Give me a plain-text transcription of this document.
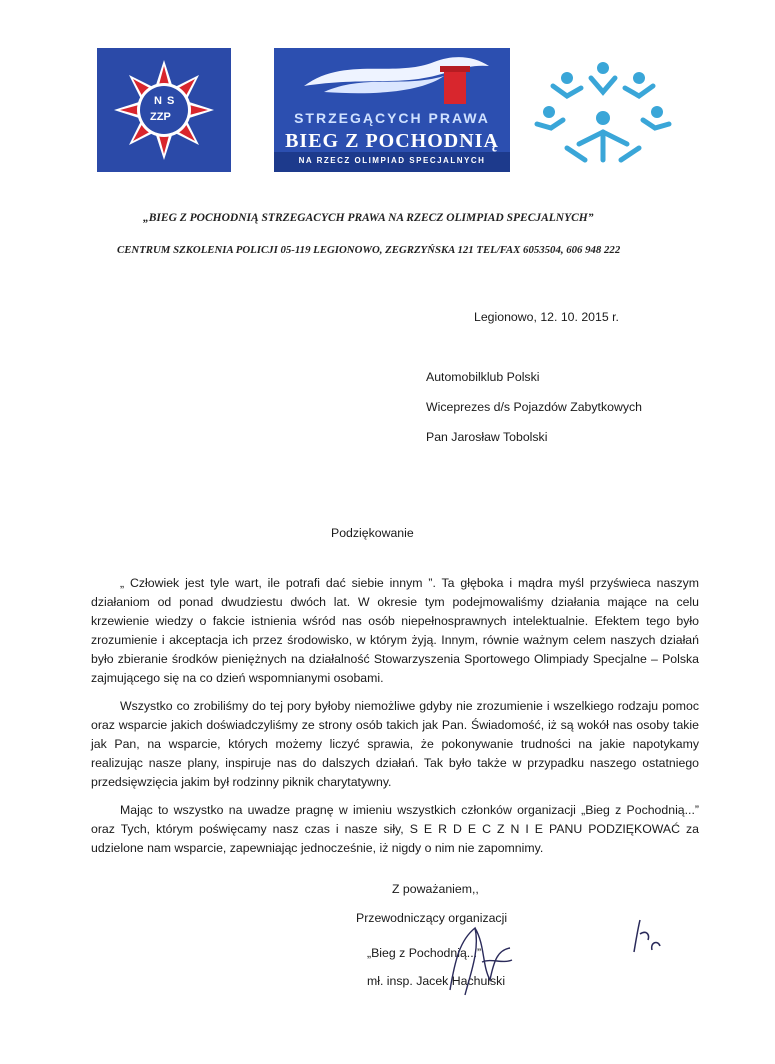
N S
ZZP	STRZEGĄCYCH PRAWA
BIEG Z POCHODNIĄ
NA RZECZ OLIMPIAD SPECJALNYCH
„BIEG Z POCHODNIĄ STRZEGACYCH PRAWA NA RZECZ OLIMPIAD SPECJALNYCH”
CENTRUM SZKOLENIA POLICJI 05-119 LEGIONOWO, ZEGRZYŃSKA 121 TEL/FAX 6053504, 606 948 222
Legionowo, 12. 10. 2015 r.
Automobilklub Polski
Wiceprezes d/s Pojazdów Zabytkowych
Pan Jarosław Tobolski
Podziękowanie
„ Człowiek jest tyle wart, ile potrafi dać siebie innym ”. Ta głęboka i mądra myśl przyświeca naszym działaniom od ponad dwudziestu dwóch lat. W okresie tym podejmowaliśmy działania mające na celu krzewienie wiedzy o fakcie istnienia wśród nas osób niepełnosprawnych intelektualnie. Efektem tego było zrozumienie i akceptacja ich przez środowisko, w którym żyją. Innym, równie ważnym celem naszych działań było zbieranie środków pieniężnych na działalność Stowarzyszenia Sportowego Olimpiady Specjalne – Polska zajmującego się na co dzień wspomnianymi osobami.
Wszystko co zrobiliśmy do tej pory byłoby niemożliwe gdyby nie zrozumienie i wszelkiego rodzaju pomoc oraz wsparcie jakich doświadczyliśmy ze strony osób takich jak Pan. Świadomość, iż są wokół nas osoby takie jak Pan, na wsparcie, których możemy liczyć sprawia, że pokonywanie trudności na jakie napotykamy realizując nasze plany, inspiruje nas do dalszych działań. Tak było także w przypadku naszego ostatniego przedsięwzięcia jakim był rodzinny piknik charytatywny.
Mając to wszystko na uwadze pragnę w imieniu wszystkich członków organizacji „Bieg z Pochodnią...” oraz Tych, którym poświęcamy nasz czas i nasze siły, S E R D E C Z N I E PANU PODZIĘKOWAĆ za udzielone nam wsparcie, zapewniając jednocześnie, iż nigdy o nim nie zapomnimy.
Z poważaniem,,
Przewodniczący organizacji
„Bieg z Pochodnią...”
mł. insp. Jacek Hachulski
